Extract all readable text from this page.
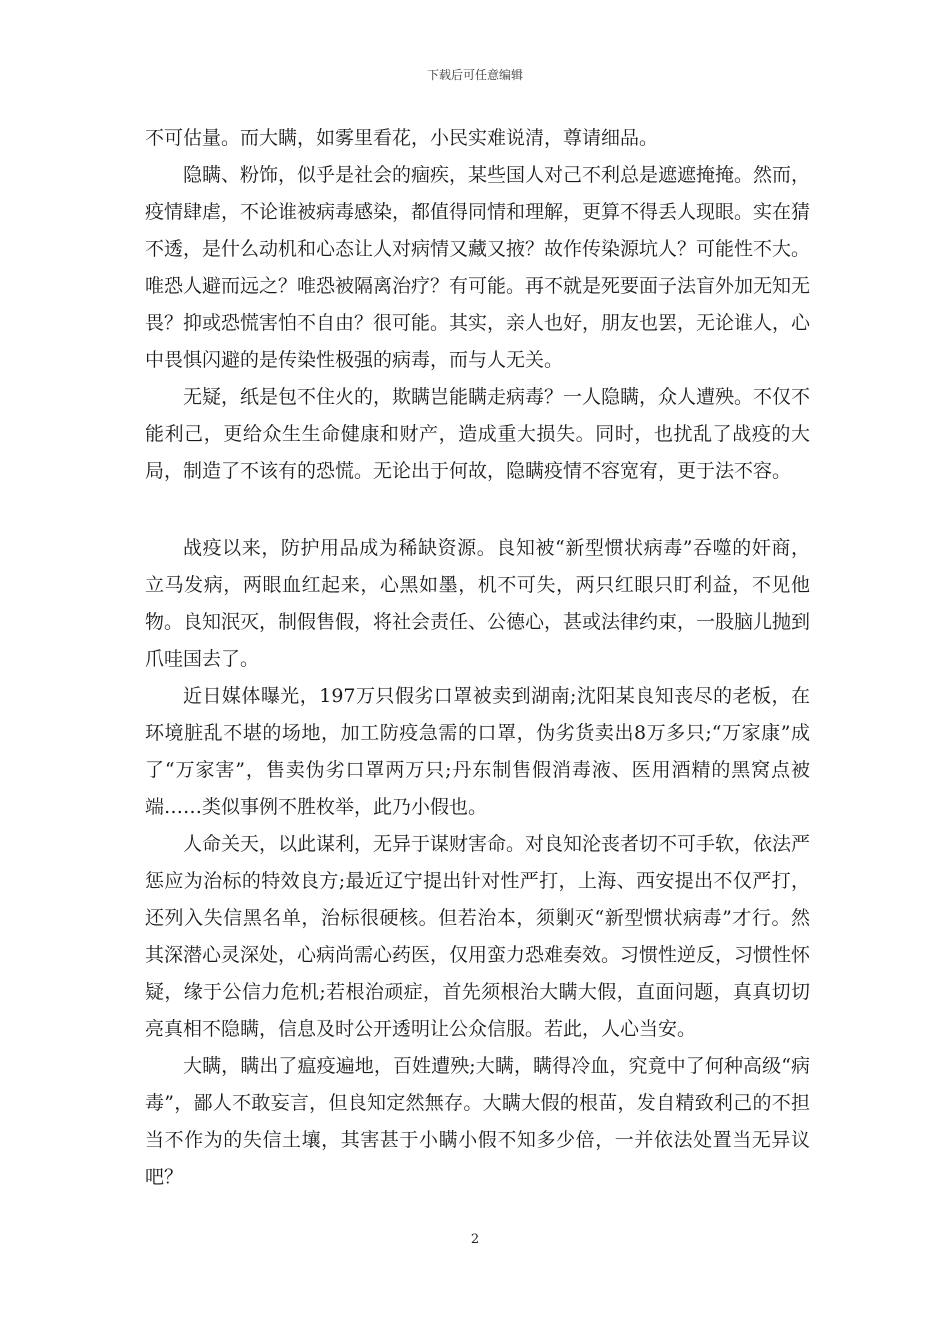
下载后可任意编辑

不可估量。而大瞒，如雾里看花，小民实难说清，尊请细品。

隐瞒、粉饰，似乎是社会的痼疾，某些国人对己不利总是遮遮掩掩。然而，疫情肆虐，不论谁被病毒感染，都值得同情和理解，更算不得丢人现眼。实在猜不透，是什么动机和心态让人对病情又藏又掖？故作传染源坑人？可能性不大。唯恐人避而远之？唯恐被隔离治疗？有可能。再不就是死要面子法盲外加无知无畏？抑或恐慌害怕不自由？很可能。其实，亲人也好，朋友也罢，无论谁人，心中畏惧闪避的是传染性极强的病毒，而与人无关。

无疑，纸是包不住火的，欺瞒岂能瞒走病毒？一人隐瞒，众人遭殃。不仅不能利己，更给众生生命健康和财产，造成重大损失。同时，也扰乱了战疫的大局，制造了不该有的恐慌。无论出于何故，隐瞒疫情不容宽宥，更于法不容。

战疫以来，防护用品成为稀缺资源。良知被“新型惯状病毒”吞噬的奸商，立马发病，两眼血红起来，心黑如墨，机不可失，两只红眼只盯利益，不见他物。良知泯灭，制假售假，将社会责任、公德心，甚或法律约束，一股脑儿抛到爪哇国去了。

近日媒体曝光，197万只假劣口罩被卖到湖南;沈阳某良知丧尽的老板，在环境脏乱不堪的场地，加工防疫急需的口罩，伪劣货卖出8万多只;“万家康”成了“万家害”，售卖伪劣口罩两万只;丹东制售假消毒液、医用酒精的黑窝点被端……类似事例不胜枚举，此乃小假也。

人命关天，以此谋利，无异于谋财害命。对良知沦丧者切不可手软，依法严惩应为治标的特效良方;最近辽宁提出针对性严打，上海、西安提出不仅严打，还列入失信黑名单，治标很硬核。但若治本，须剿灭“新型惯状病毒”才行。然其深潜心灵深处，心病尚需心药医，仅用蛮力恐难奏效。习惯性逆反，习惯性怀疑，缘于公信力危机;若根治顽症，首先须根治大瞒大假，直面问题，真真切切亮真相不隐瞒，信息及时公开透明让公众信服。若此，人心当安。

大瞒，瞒出了瘟疫遍地，百姓遭殃;大瞒，瞒得冷血，究竟中了何种高级“病毒”，鄙人不敢妄言，但良知定然無存。大瞒大假的根苗，发自精致利己的不担当不作为的失信土壤，其害甚于小瞒小假不知多少倍，一并依法处置当无异议吧？

2
